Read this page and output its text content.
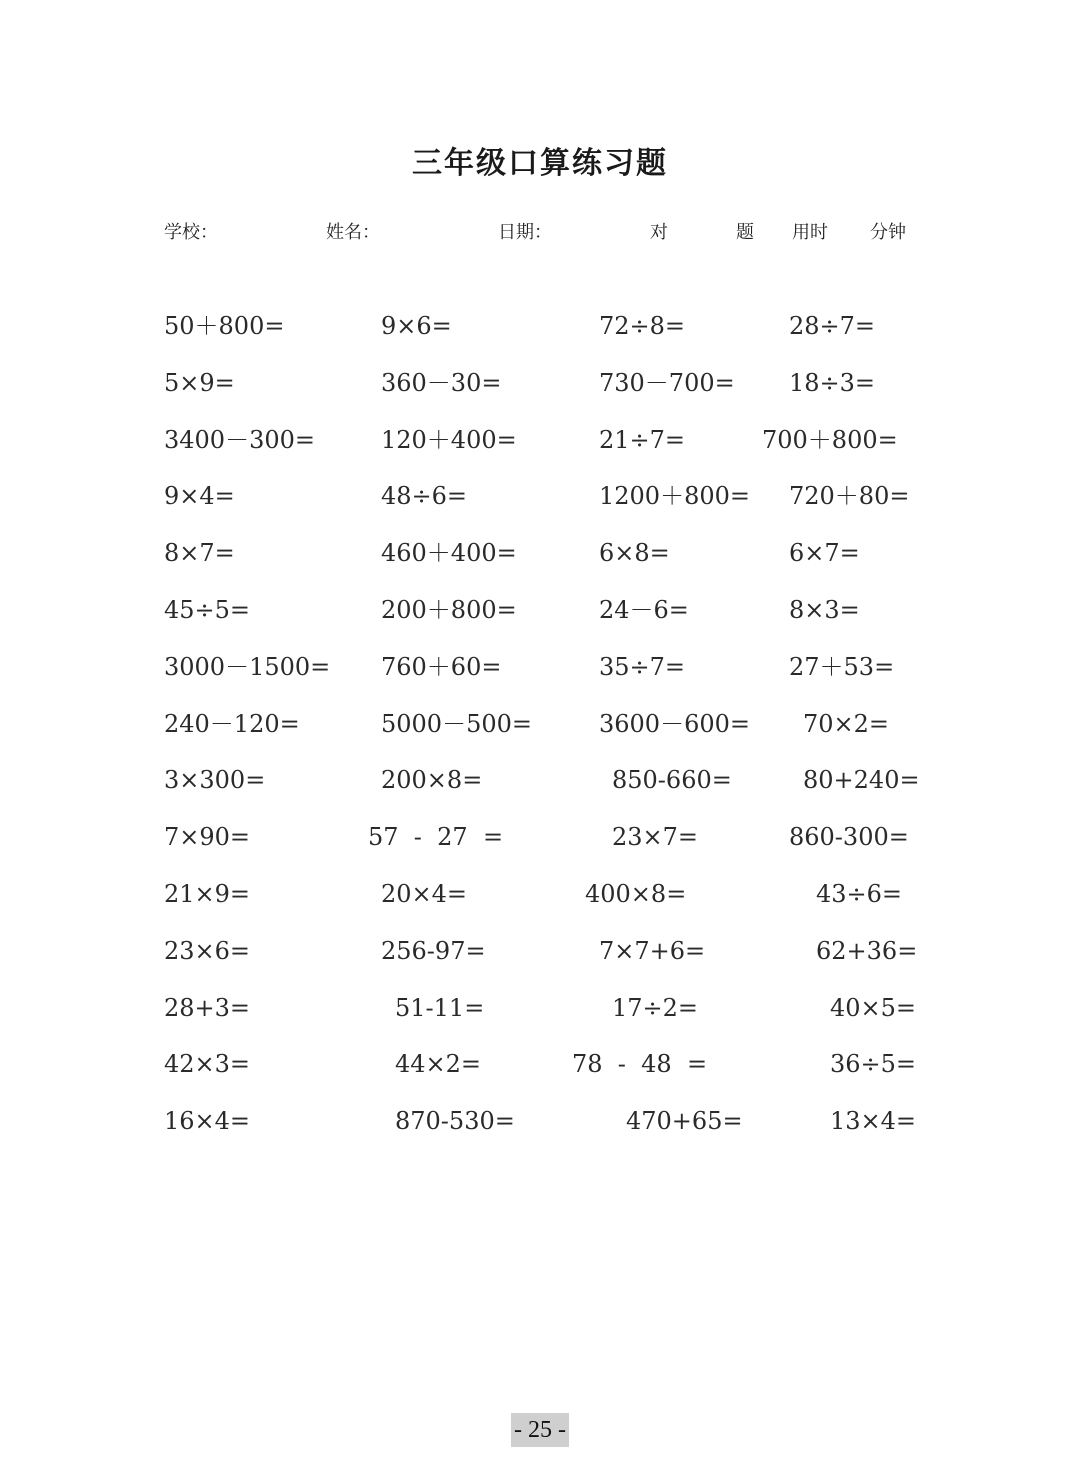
三年级口算练习题
学校：	姓名：	日期：	对	题 用时 分钟
50＋800=	9×6=	72÷8=	28÷7=
5×9=	360－30=	730－700= 18÷3=
3400－300=	120＋400=	21÷7=	700＋800=
9×4=	48÷6=	1200＋800= 720＋80=
8×7=	460＋400=	6×8=	6×7=
45÷5=	200＋800=	24－6=	8×3=
3000－1500= 760＋60=	35÷7=	27＋53=
240－120=	5000－500=	3600－600= 70×2=
3×300=	200×8=	850-660=	80+240=
7×90=	57  -  27  =	23×7=	860-300=
21×9=	20×4=	400×8=	43÷6=
23×6=	256-97=	7×7+6=	62+36=
28+3=	51-11=	17÷2=	40×5=
42×3=	44×2=	78  -  48  =	36÷5=
16×4=	870-530=	470+65=	13×4=
- 25 -
